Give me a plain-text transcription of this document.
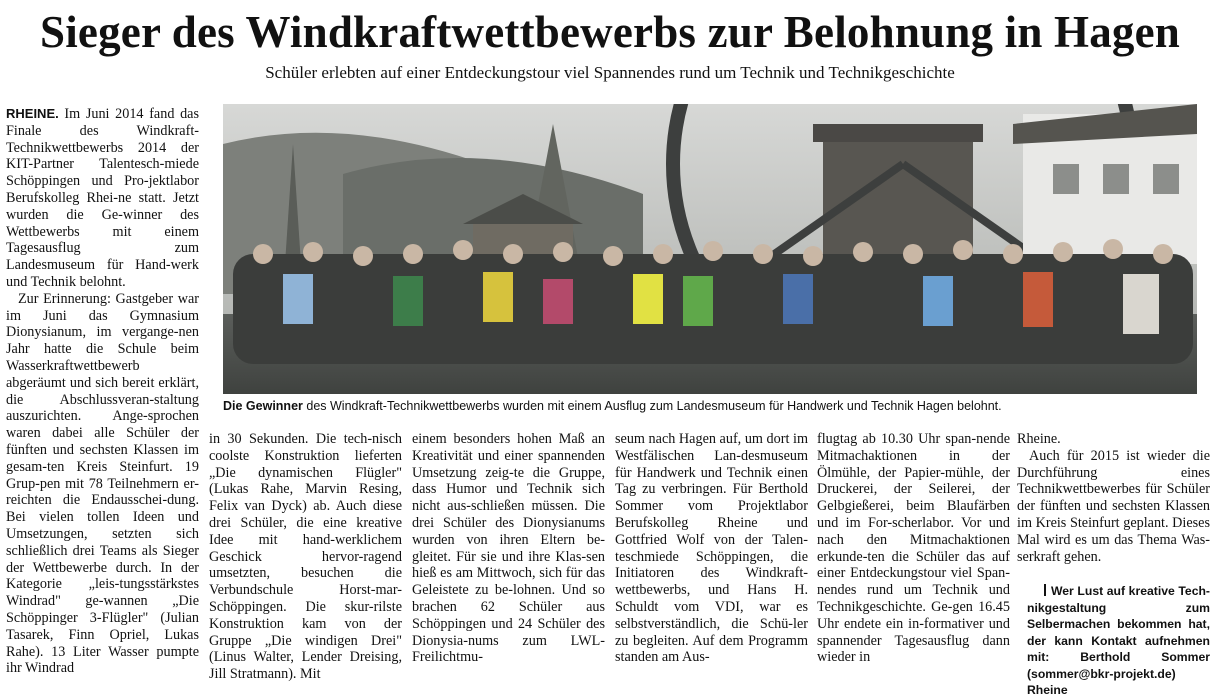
Sieger des Windkraftwettbewerbs zur Belohnung in Hagen
Schüler erlebten auf einer Entdeckungstour viel Spannendes rund um Technik und Technikgeschichte

RHEINE. Im Juni 2014 fand das Finale des Windkraft-Technikwettbewerbs 2014 der KIT-Partner Talentesch-miede Schöppingen und Pro-jektlabor Berufskolleg Rhei-ne statt. Jetzt wurden die Ge-winner des Wettbewerbs mit einem Tagesausflug zum Landesmuseum für Hand-werk und Technik belohnt.

Zur Erinnerung: Gastgeber war im Juni das Gymnasium Dionysianum, im vergange-nen Jahr hatte die Schule beim Wasserkraftwettbewerb abgeräumt und sich bereit erklärt, die Abschlussveran-staltung auszurichten. Ange-sprochen waren dabei alle Schüler der fünften und sechsten Klassen im gesam-ten Kreis Steinfurt. 19 Grup-pen mit 78 Teilnehmern er-reichten die Endausschei-dung. Bei vielen tollen Ideen und Umsetzungen, setzten sich schließlich drei Teams als Sieger der Wettbewerbe durch. In der Kategorie „leis-tungsstärkstes Windrad" ge-wannen „Die Schöppinger 3-Flügler" (Julian Tasarek, Finn Opriel, Lukas Rahe). 13 Liter Wasser pumpte ihr Windrad

Die Gewinner des Windkraft-Technikwettbewerbs wurden mit einem Ausflug zum Landesmuseum für Handwerk und Technik Hagen belohnt.

in 30 Sekunden. Die tech-nisch coolste Konstruktion lieferten „Die dynamischen Flügler" (Lukas Rahe, Marvin Resing, Felix van Dyck) ab. Auch diese drei Schüler, die eine kreative Idee mit hand-werklichem Geschick hervor-ragend umsetzten, besuchen die Verbundschule Horst-mar-Schöppingen. Die skur-rilste Konstruktion kam von der Gruppe „Die windigen Drei" (Linus Walter, Lender Dreising, Jill Stratmann). Mit

einem besonders hohen Maß an Kreativität und einer spannenden Umsetzung zeig-te die Gruppe, dass Humor und Technik sich nicht aus-schließen müssen. Die drei Schüler des Dionysianums wurden von ihren Eltern be-gleitet. Für sie und ihre Klas-sen hieß es am Mittwoch, sich für das Geleistete zu be-lohnen. Und so brachen 62 Schüler aus Schöppingen und 24 Schüler des Dionysia-nums zum LWL-Freilichtmu-

seum nach Hagen auf, um dort im Westfälischen Lan-desmuseum für Handwerk und Technik einen Tag zu verbringen. Für Berthold Sommer vom Projektlabor Berufskolleg Rheine und Gottfried Wolf von der Talen-teschmiede Schöppingen, die Initiatoren des Windkraft-wettbewerbs, und Hans H. Schuldt vom VDI, war es selbstverständlich, die Schü-ler zu begleiten. Auf dem Programm standen am Aus-

flugtag ab 10.30 Uhr span-nende Mitmachaktionen in der Ölmühle, der Papier-mühle, der Druckerei, der Seilerei, der Gelbgießerei, beim Blaufärben und im For-scherlabor. Vor und nach den Mitmachaktionen erkunde-ten die Schüler das auf einer Entdeckungstour viel Span-nendes rund um Technik und Technikgeschichte. Ge-gen 16.45 Uhr endete ein in-formativer und spannender Tagesausflug dann wieder in

Rheine.

Auch für 2015 ist wieder die Durchführung eines Technikwettbewerbes für Schüler der fünften und sechsten Klassen im Kreis Steinfurt geplant. Dieses Mal wird es um das Thema Was-serkraft gehen.

Wer Lust auf kreative Tech-nikgestaltung zum Selbermachen bekommen hat, der kann Kontakt aufnehmen mit: Berthold Sommer (sommer@bkr-projekt.de) Rheine
